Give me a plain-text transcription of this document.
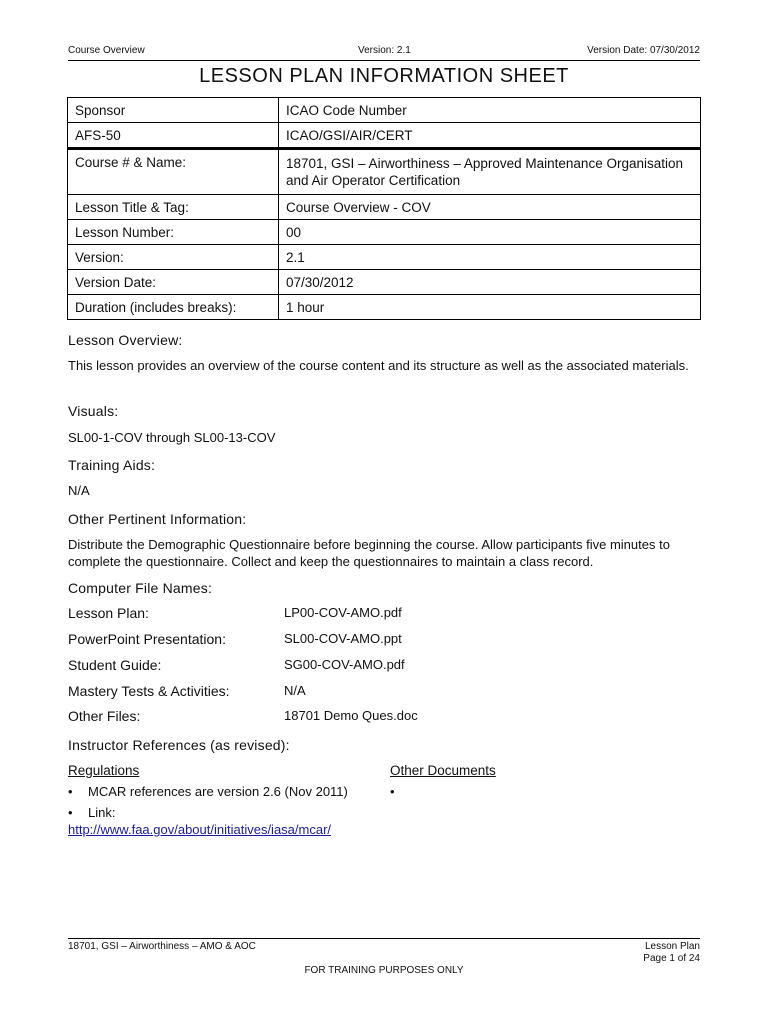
Course Overview	Version: 2.1	Version Date: 07/30/2012
LESSON PLAN INFORMATION SHEET
Sponsor	ICAO Code Number
AFS-50	ICAO/GSI/AIR/CERT
Course # & Name:	18701, GSI – Airworthiness – Approved Maintenance Organisation and Air Operator Certification
Lesson Title & Tag:	Course Overview - COV
Lesson Number:	00
Version:	2.1
Version Date:	07/30/2012
Duration (includes breaks):	1 hour
Lesson Overview:
This lesson provides an overview of the course content and its structure as well as the associated materials.
Visuals:
SL00-1-COV through SL00-13-COV
Training Aids:
N/A
Other Pertinent Information:
Distribute the Demographic Questionnaire before beginning the course. Allow participants five minutes to complete the questionnaire. Collect and keep the questionnaires to maintain a class record.
Computer File Names:
Lesson Plan:	LP00-COV-AMO.pdf
PowerPoint Presentation:	SL00-COV-AMO.ppt
Student Guide:	SG00-COV-AMO.pdf
Mastery Tests & Activities:	N/A
Other Files:	18701 Demo Ques.doc
Instructor References (as revised):
Regulations	Other Documents
• MCAR references are version 2.6 (Nov 2011)	•
• Link:
http://www.faa.gov/about/initiatives/iasa/mcar/
18701, GSI – Airworthiness – AMO & AOC	Lesson Plan
Page 1 of 24
FOR TRAINING PURPOSES ONLY
